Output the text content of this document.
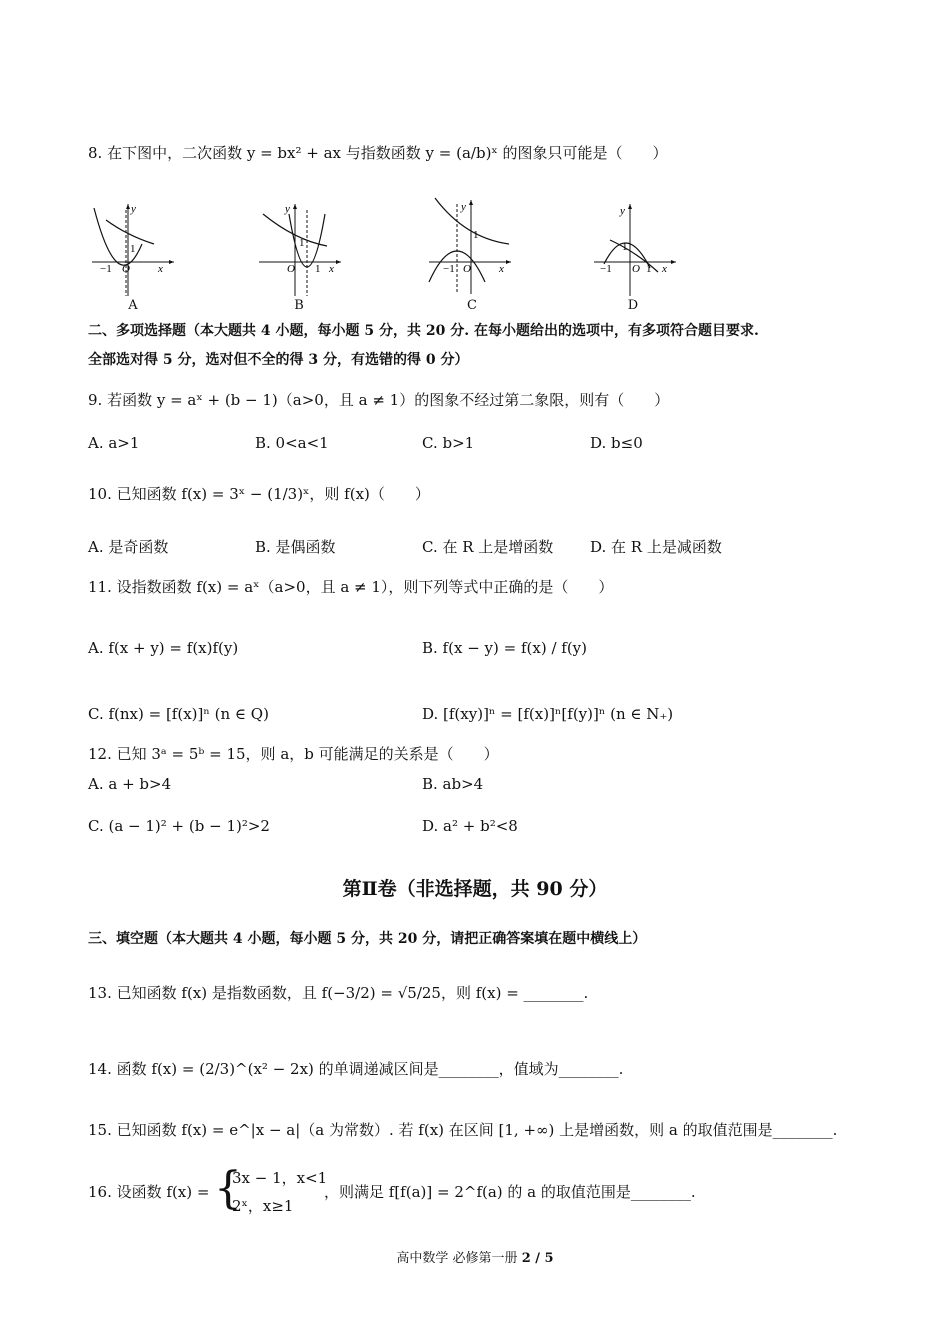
8. 在下图中，二次函数 y = bx² + ax 与指数函数 y = (a/b)ˣ 的图象只可能是（　　）
−1 O
1
x
y
A
O
1
1 x
y
B
−1 O
1
x
y
C
−1 O
1
1 x
y
D
二、多项选择题（本大题共 4 小题，每小题 5 分，共 20 分. 在每小题给出的选项中，有多项符合题目要求.
全部选对得 5 分，选对但不全的得 3 分，有选错的得 0 分）
9. 若函数 y = aˣ + (b − 1)（a>0，且 a ≠ 1）的图象不经过第二象限，则有（　　）
A. a>1	B. 0<a<1	C. b>1	D. b≤0
10. 已知函数 f(x) = 3ˣ − (1/3)ˣ，则 f(x)（　　）
A. 是奇函数	B. 是偶函数	C. 在 R 上是增函数 D. 在 R 上是减函数
11. 设指数函数 f(x) = aˣ（a>0，且 a ≠ 1），则下列等式中正确的是（　　）
A. f(x + y) = f(x)f(y)	B. f(x − y) = f(x) / f(y)
C. f(nx) = [f(x)]ⁿ (n ∈ Q)	D. [f(xy)]ⁿ = [f(x)]ⁿ[f(y)]ⁿ (n ∈ N₊)
12. 已知 3ᵃ = 5ᵇ = 15，则 a，b 可能满足的关系是（　　）
A. a + b>4	B. ab>4
C. (a − 1)² + (b − 1)²>2	D. a² + b²<8
第Ⅱ卷（非选择题，共 90 分）
三、填空题（本大题共 4 小题，每小题 5 分，共 20 分，请把正确答案填在题中横线上）
13. 已知函数 f(x) 是指数函数，且 f(−3/2) = √5/25，则 f(x) = ________.
14. 函数 f(x) = (2/3)^(x² − 2x) 的单调递减区间是________，值域为________.
15. 已知函数 f(x) = e^|x − a|（a 为常数）. 若 f(x) 在区间 [1, +∞) 上是增函数，则 a 的取值范围是________.
16. 设函数 f(x) = {
3x − 1，x<1
2ˣ，x≥1
，则满足 f[f(a)] = 2^f(a) 的 a 的取值范围是________.
高中数学 必修第一册 2 / 5
